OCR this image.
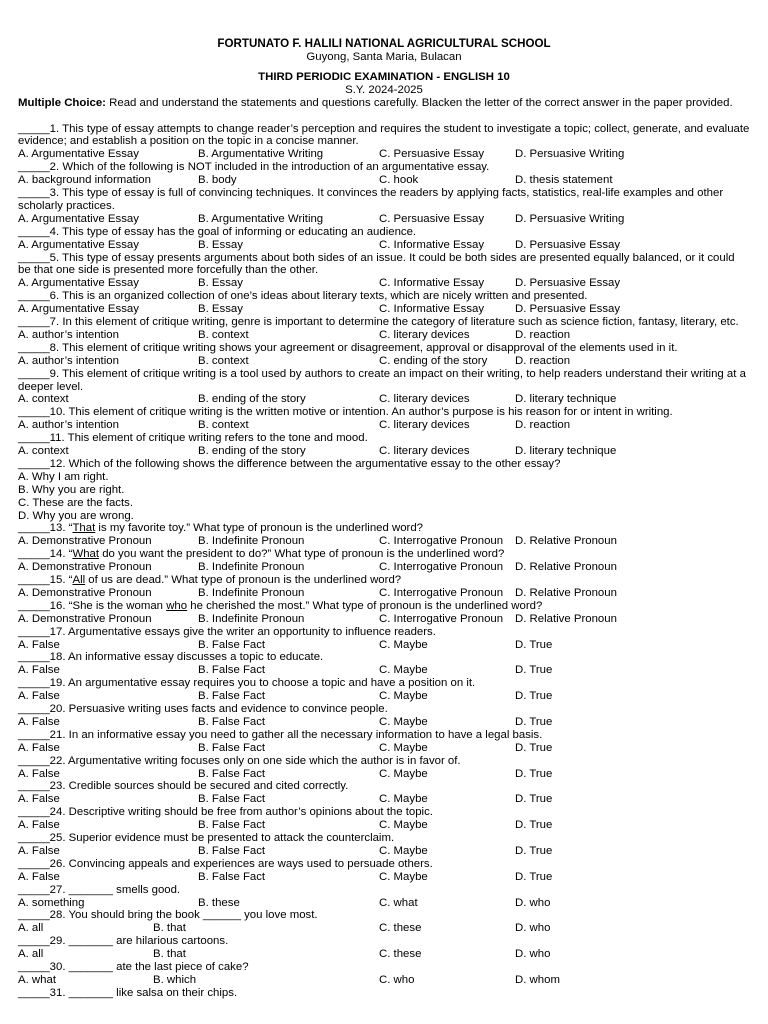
FORTUNATO F. HALILI NATIONAL AGRICULTURAL SCHOOL
Guyong, Santa Maria, Bulacan
THIRD PERIODIC EXAMINATION - ENGLISH 10
S.Y. 2024-2025
Multiple Choice: Read and understand the statements and questions carefully. Blacken the letter of the correct answer in the paper provided.
_____1. This type of essay attempts to change reader’s perception and requires the student to investigate a topic; collect, generate, and evaluate evidence; and establish a position on the topic in a concise manner.
A. Argumentative Essay	B. Argumentative Writing	C. Persuasive Essay	D. Persuasive Writing
_____2. Which of the following is NOT included in the introduction of an argumentative essay.
A. background information	B. body	C. hook	D. thesis statement
_____3. This type of essay is full of convincing techniques. It convinces the readers by applying facts, statistics, real-life examples and other scholarly practices.
A. Argumentative Essay	B. Argumentative Writing	C. Persuasive Essay	D. Persuasive Writing
_____4. This type of essay has the goal of informing or educating an audience.
A. Argumentative Essay	B. Essay	C. Informative Essay	D. Persuasive Essay
_____5. This type of essay presents arguments about both sides of an issue. It could be both sides are presented equally balanced, or it could be that one side is presented more forcefully than the other.
A. Argumentative Essay	B. Essay	C. Informative Essay	D. Persuasive Essay
_____6. This is an organized collection of one’s ideas about literary texts, which are nicely written and presented.
A. Argumentative Essay	B. Essay	C. Informative Essay	D. Persuasive Essay
_____7. In this element of critique writing, genre is important to determine the category of literature such as science fiction, fantasy, literary, etc.
A. author’s intention	B. context	C. literary devices	D. reaction
_____8. This element of critique writing shows your agreement or disagreement, approval or disapproval of the elements used in it.
A. author’s intention	B. context	C. ending of the story D. reaction
_____9. This element of critique writing is a tool used by authors to create an impact on their writing, to help readers understand their writing at a deeper level.
A. context	B. ending of the story	C. literary devices	D. literary technique
_____10. This element of critique writing is the written motive or intention. An author’s purpose is his reason for or intent in writing.
A. author’s intention	B. context	C. literary devices	D. reaction
_____11. This element of critique writing refers to the tone and mood.
A. context	B. ending of the story	C. literary devices	D. literary technique
_____12. Which of the following shows the difference between the argumentative essay to the other essay?
A. Why I am right.
B. Why you are right.
C. These are the facts.
D. Why you are wrong.
_____13. “That is my favorite toy.” What type of pronoun is the underlined word?
A. Demonstrative Pronoun	B. Indefinite Pronoun	C. Interrogative Pronoun D. Relative Pronoun
_____14. “What do you want the president to do?” What type of pronoun is the underlined word?
A. Demonstrative Pronoun	B. Indefinite Pronoun	C. Interrogative Pronoun D. Relative Pronoun
_____15. “All of us are dead.” What type of pronoun is the underlined word?
A. Demonstrative Pronoun	B. Indefinite Pronoun	C. Interrogative Pronoun D. Relative Pronoun
_____16. “She is the woman who he cherished the most.” What type of pronoun is the underlined word?
A. Demonstrative Pronoun	B. Indefinite Pronoun	C. Interrogative Pronoun D. Relative Pronoun
_____17. Argumentative essays give the writer an opportunity to influence readers.
A. False	B. False Fact	C. Maybe	D. True
_____18. An informative essay discusses a topic to educate.
A. False	B. False Fact	C. Maybe	D. True
_____19. An argumentative essay requires you to choose a topic and have a position on it.
A. False	B. False Fact	C. Maybe	D. True
_____20. Persuasive writing uses facts and evidence to convince people.
A. False	B. False Fact	C. Maybe	D. True
_____21. In an informative essay you need to gather all the necessary information to have a legal basis.
A. False	B. False Fact	C. Maybe	D. True
_____22. Argumentative writing focuses only on one side which the author is in favor of.
A. False	B. False Fact	C. Maybe	D. True
_____23. Credible sources should be secured and cited correctly.
A. False	B. False Fact	C. Maybe	D. True
_____24. Descriptive writing should be free from author’s opinions about the topic.
A. False	B. False Fact	C. Maybe	D. True
_____25. Superior evidence must be presented to attack the counterclaim.
A. False	B. False Fact	C. Maybe	D. True
_____26. Convincing appeals and experiences are ways used to persuade others.
A. False	B. False Fact	C. Maybe	D. True
_____27. _______ smells good.
A. something	B. these	C. what	D. who
_____28. You should bring the book ______ you love most.
A. all	B. that	C. these	D. who
_____29. _______ are hilarious cartoons.
A. all	B. that	C. these	D. who
_____30. _______ ate the last piece of cake?
A. what	B. which	C. who	D. whom
_____31. _______ like salsa on their chips.
